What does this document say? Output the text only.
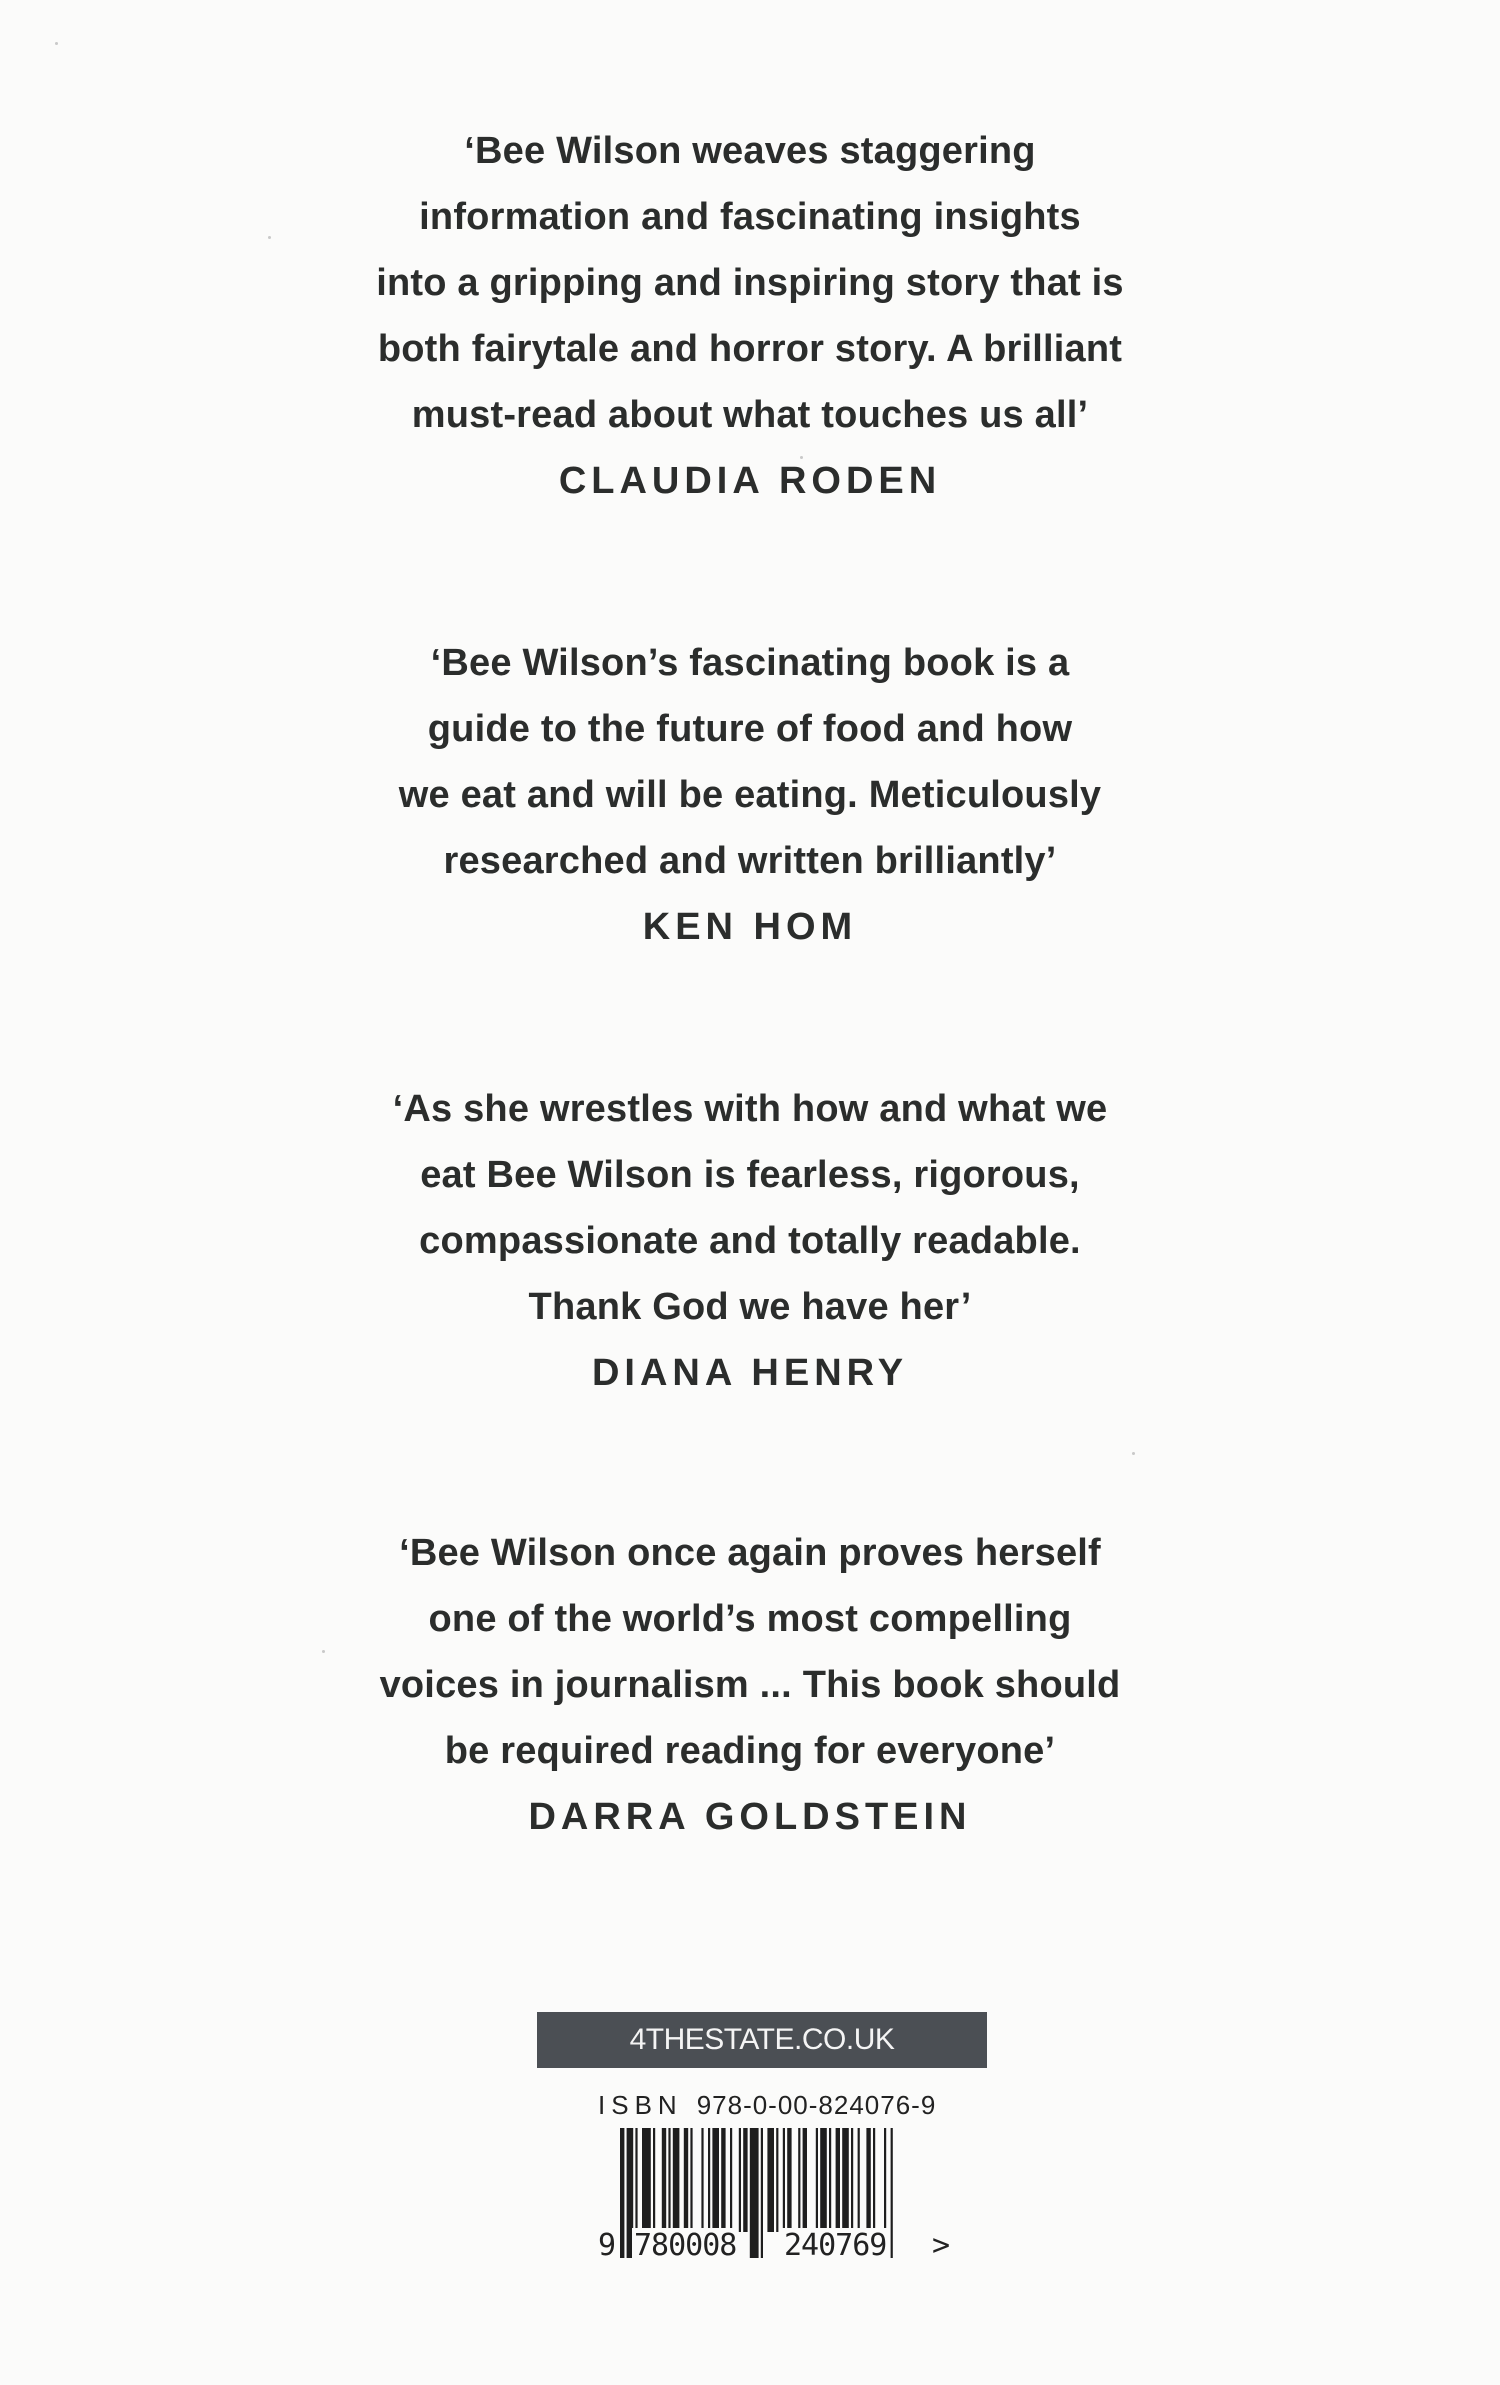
‘Bee Wilson weaves staggering
information and fascinating insights
into a gripping and inspiring story that is
both fairytale and horror story. A brilliant
must-read about what touches us all’
CLAUDIA RODEN
‘Bee Wilson’s fascinating book is a
guide to the future of food and how
we eat and will be eating. Meticulously
researched and written brilliantly’
KEN HOM
‘As she wrestles with how and what we
eat Bee Wilson is fearless, rigorous,
compassionate and totally readable.
Thank God we have her’
DIANA HENRY
‘Bee Wilson once again proves herself
one of the world’s most compelling
voices in journalism ... This book should
be required reading for everyone’
DARRA GOLDSTEIN
4THESTATE.CO.UK
ISBN 978-0-00-824076-9
9 780008 240769 >
